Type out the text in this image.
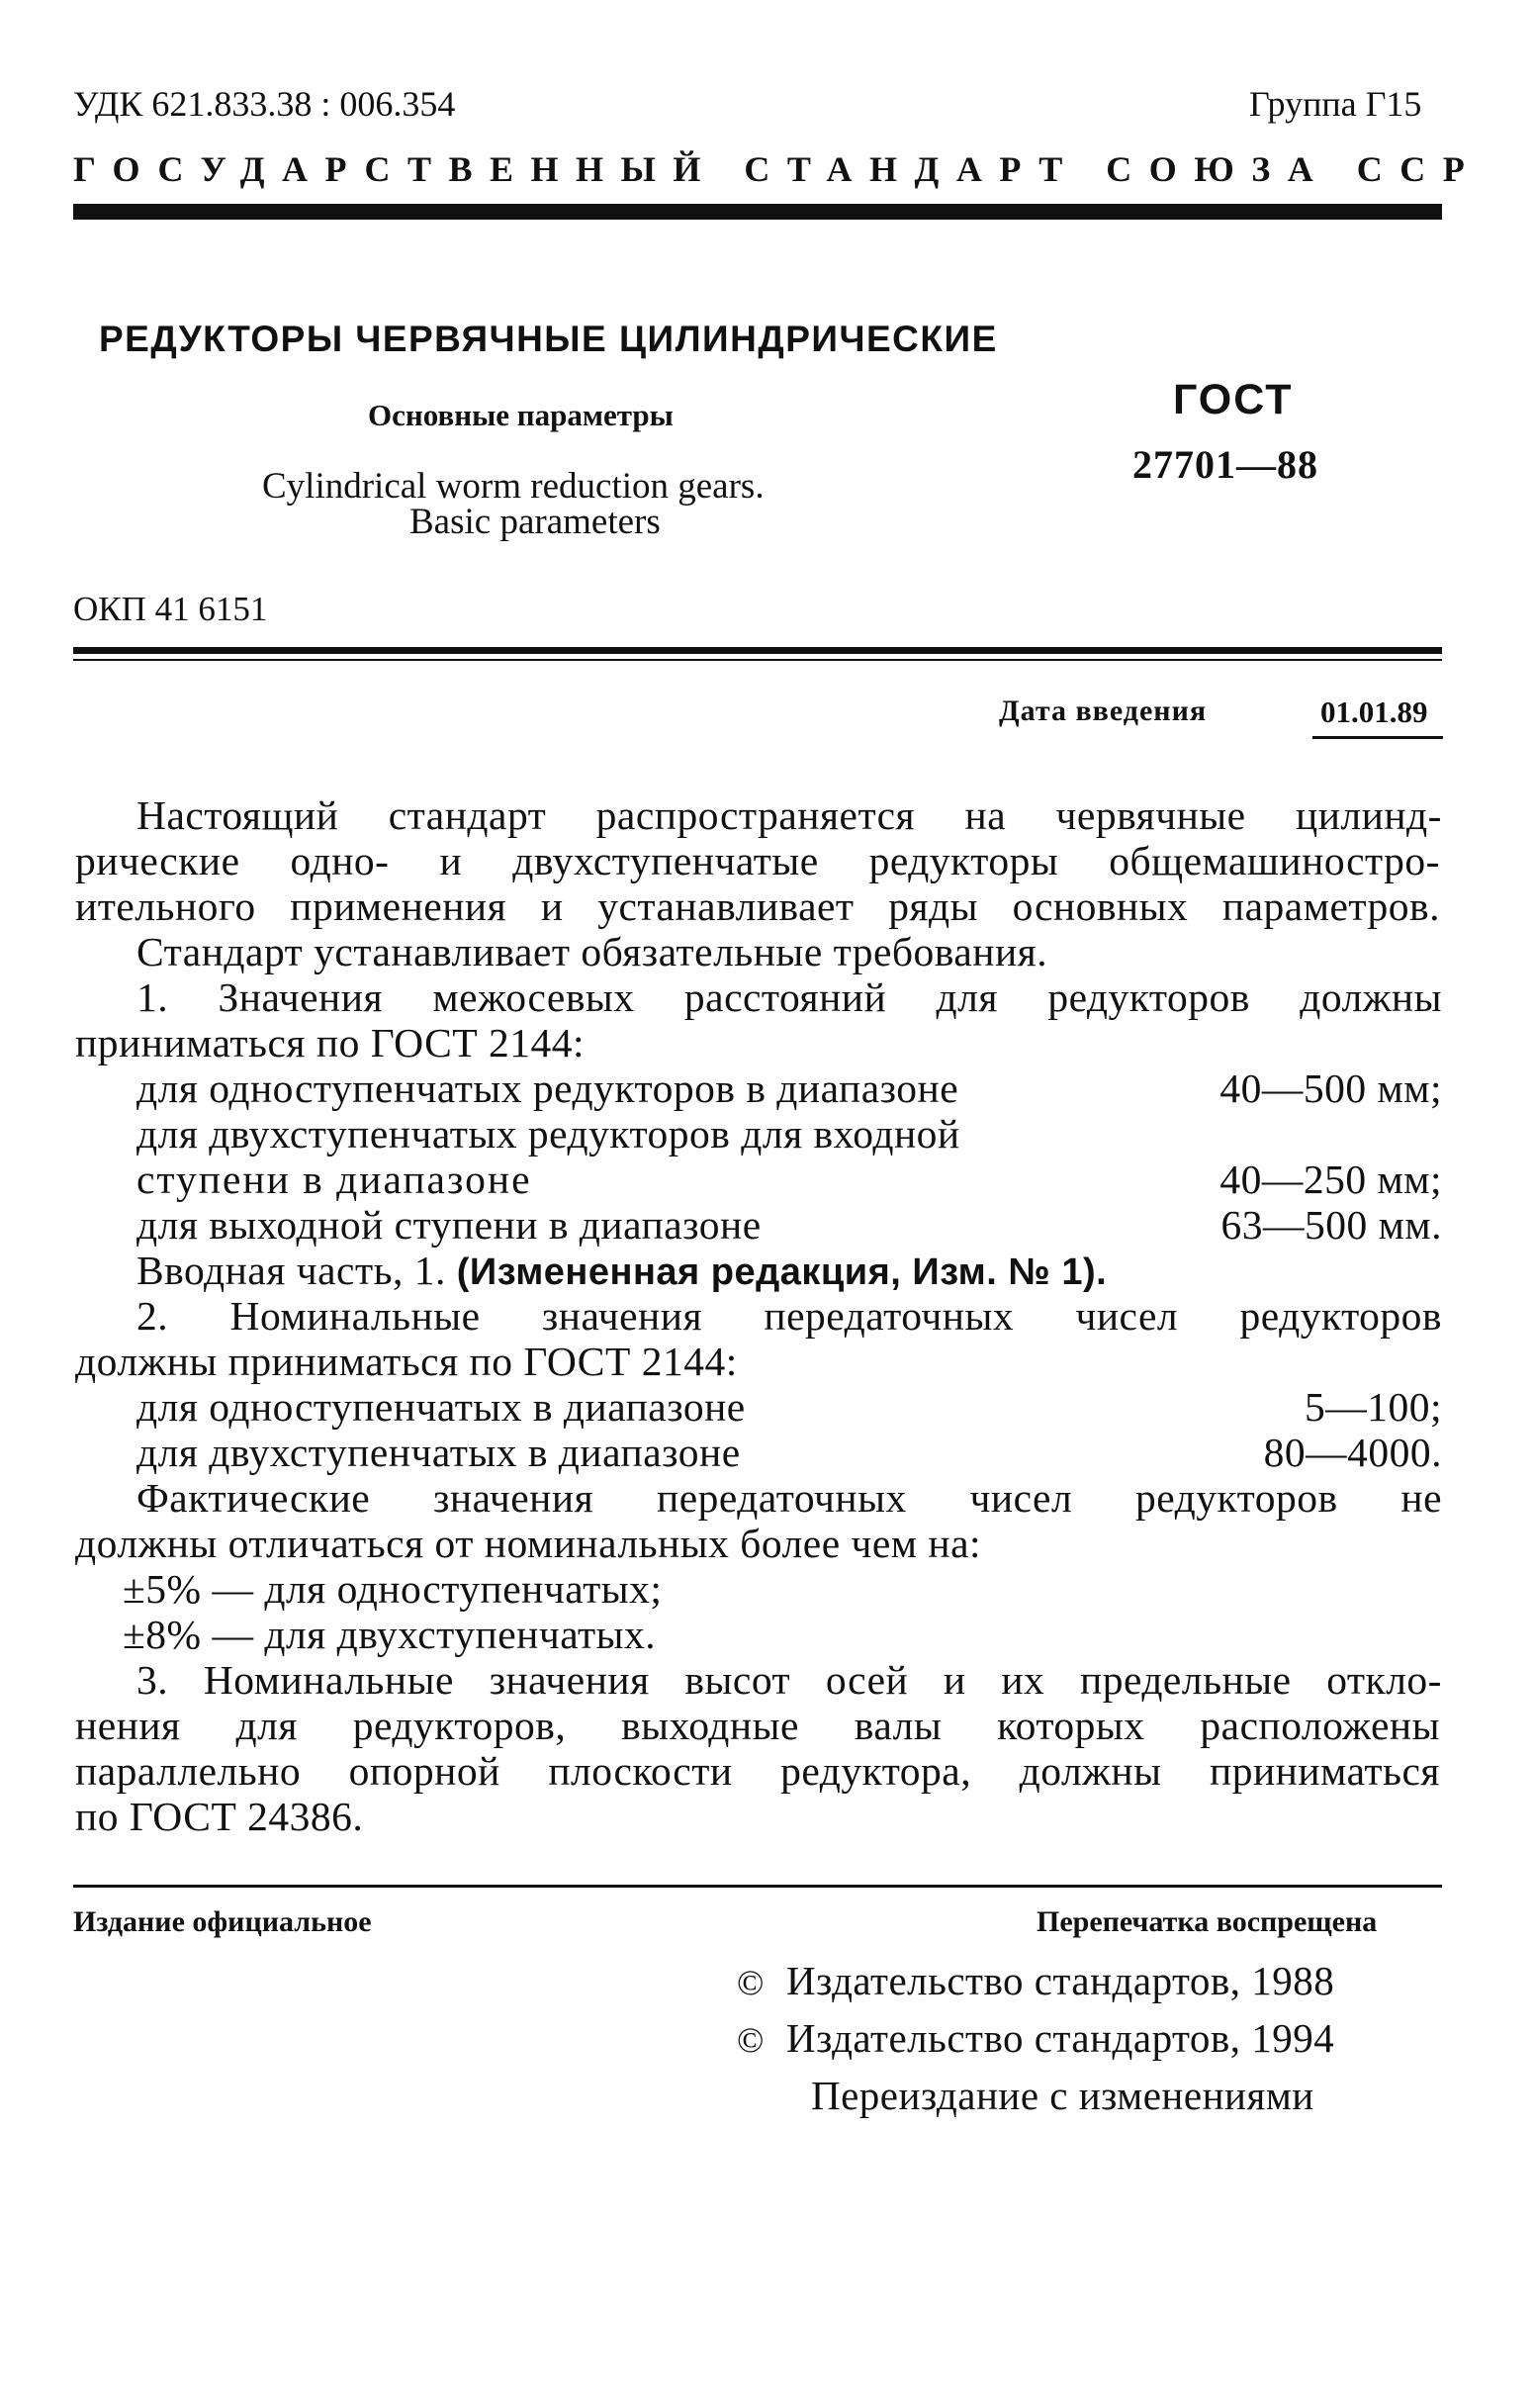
УДК 621.833.38 : 006.354	Группа Г15
ГОСУДАРСТВЕННЫЙ СТАНДАРТ СОЮЗА ССР
РЕДУКТОРЫ ЧЕРВЯЧНЫЕ ЦИЛИНДРИЧЕСКИЕ
Основные параметры
Cylindrical worm reduction gears.
Basic parameters
ГОСТ
27701—88
ОКП 41 6151
Дата введения	01.01.89
Настоящий стандарт распространяется на червячные цилинд-
рические одно- и двухступенчатые редукторы общемашиностро-
ительного применения и устанавливает ряды основных параметров.
Стандарт устанавливает обязательные требования.
1. Значения межосевых расстояний для редукторов должны
приниматься по ГОСТ 2144:
для одноступенчатых редукторов в диапазоне	40—500 мм;
для двухступенчатых редукторов для входной
ступени в диапазоне	40—250 мм;
для выходной ступени в диапазоне	63—500 мм.
Вводная часть, 1. (Измененная редакция, Изм. № 1).
2. Номинальные значения передаточных чисел редукторов
должны приниматься по ГОСТ 2144:
для одноступенчатых в диапазоне	5—100;
для двухступенчатых в диапазоне	80—4000.
Фактические значения передаточных чисел редукторов не
должны отличаться от номинальных более чем на:
±5% — для одноступенчатых;
±8% — для двухступенчатых.
3. Номинальные значения высот осей и их предельные откло-
нения для редукторов, выходные валы которых расположены
параллельно опорной плоскости редуктора, должны приниматься
по ГОСТ 24386.
Издание официальное	Перепечатка воспрещена
© Издательство стандартов, 1988
© Издательство стандартов, 1994
Переиздание с изменениями
